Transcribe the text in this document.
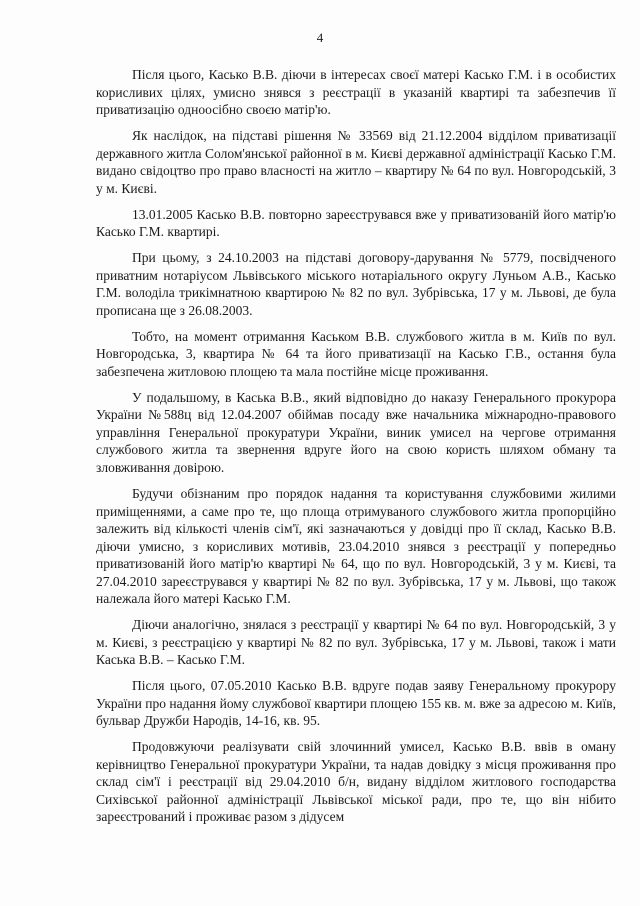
4

Після цього, Касько В.В. діючи в інтересах своєї матері Касько Г.М. і в особистих корисливих цілях, умисно знявся з реєстрації в указаній квартирі та забезпечив її приватизацію одноосібно своєю матір'ю.

Як наслідок, на підставі рішення № 33569 від 21.12.2004 відділом приватизації державного житла Солом'янської районної в м. Києві державної адміністрації Касько Г.М. видано свідоцтво про право власності на житло – квартиру № 64 по вул. Новгородській, 3 у м. Києві.

13.01.2005 Касько В.В. повторно зареєструвався вже у приватизованій його матір'ю Касько Г.М. квартирі.

При цьому, з 24.10.2003 на підставі договору-дарування № 5779, посвідченого приватним нотаріусом Львівського міського нотаріального округу Луньом А.В., Касько Г.М. володіла трикімнатною квартирою № 82 по вул. Зубрівська, 17 у м. Львові, де була прописана ще з 26.08.2003.

Тобто, на момент отримання Каськом В.В. службового житла в м. Київ по вул. Новгородська, 3, квартира № 64 та його приватизації на Касько Г.В., остання була забезпечена житловою площею та мала постійне місце проживання.

У подальшому, в Каська В.В., який відповідно до наказу Генерального прокурора України №588ц від 12.04.2007 обіймав посаду вже начальника міжнародно-правового управління Генеральної прокуратури України, виник умисел на чергове отримання службового житла та звернення вдруге його на свою користь шляхом обману та зловживання довірою.

Будучи обізнаним про порядок надання та користування службовими жилими приміщеннями, а саме про те, що площа отримуваного службового житла пропорційно залежить від кількості членів сім'ї, які зазначаються у довідці про її склад, Касько В.В. діючи умисно, з корисливих мотивів, 23.04.2010 знявся з реєстрації у попередньо приватизованій його матір'ю квартирі № 64, що по вул. Новгородській, 3 у м. Києві, та 27.04.2010 зареєструвався у квартирі № 82 по вул. Зубрівська, 17 у м. Львові, що також належала його матері Касько Г.М.

Діючи аналогічно, знялася з реєстрації у квартирі № 64 по вул. Новгородській, 3 у м. Києві, з реєстрацією у квартирі № 82 по вул. Зубрівська, 17 у м. Львові, також і мати Каська В.В. – Касько Г.М.

Після цього, 07.05.2010 Касько В.В. вдруге подав заяву Генеральному прокурору України про надання йому службової квартири площею 155 кв. м. вже за адресою м. Київ, бульвар Дружби Народів, 14-16, кв. 95.

Продовжуючи реалізувати свій злочинний умисел, Касько В.В. ввів в оману керівництво Генеральної прокуратури України, та надав довідку з місця проживання про склад сім'ї і реєстрації від 29.04.2010 б/н, видану відділом житлового господарства Сихівської районної адміністрації Львівської міської ради, про те, що він нібито зареєстрований і проживає разом з дідусем
